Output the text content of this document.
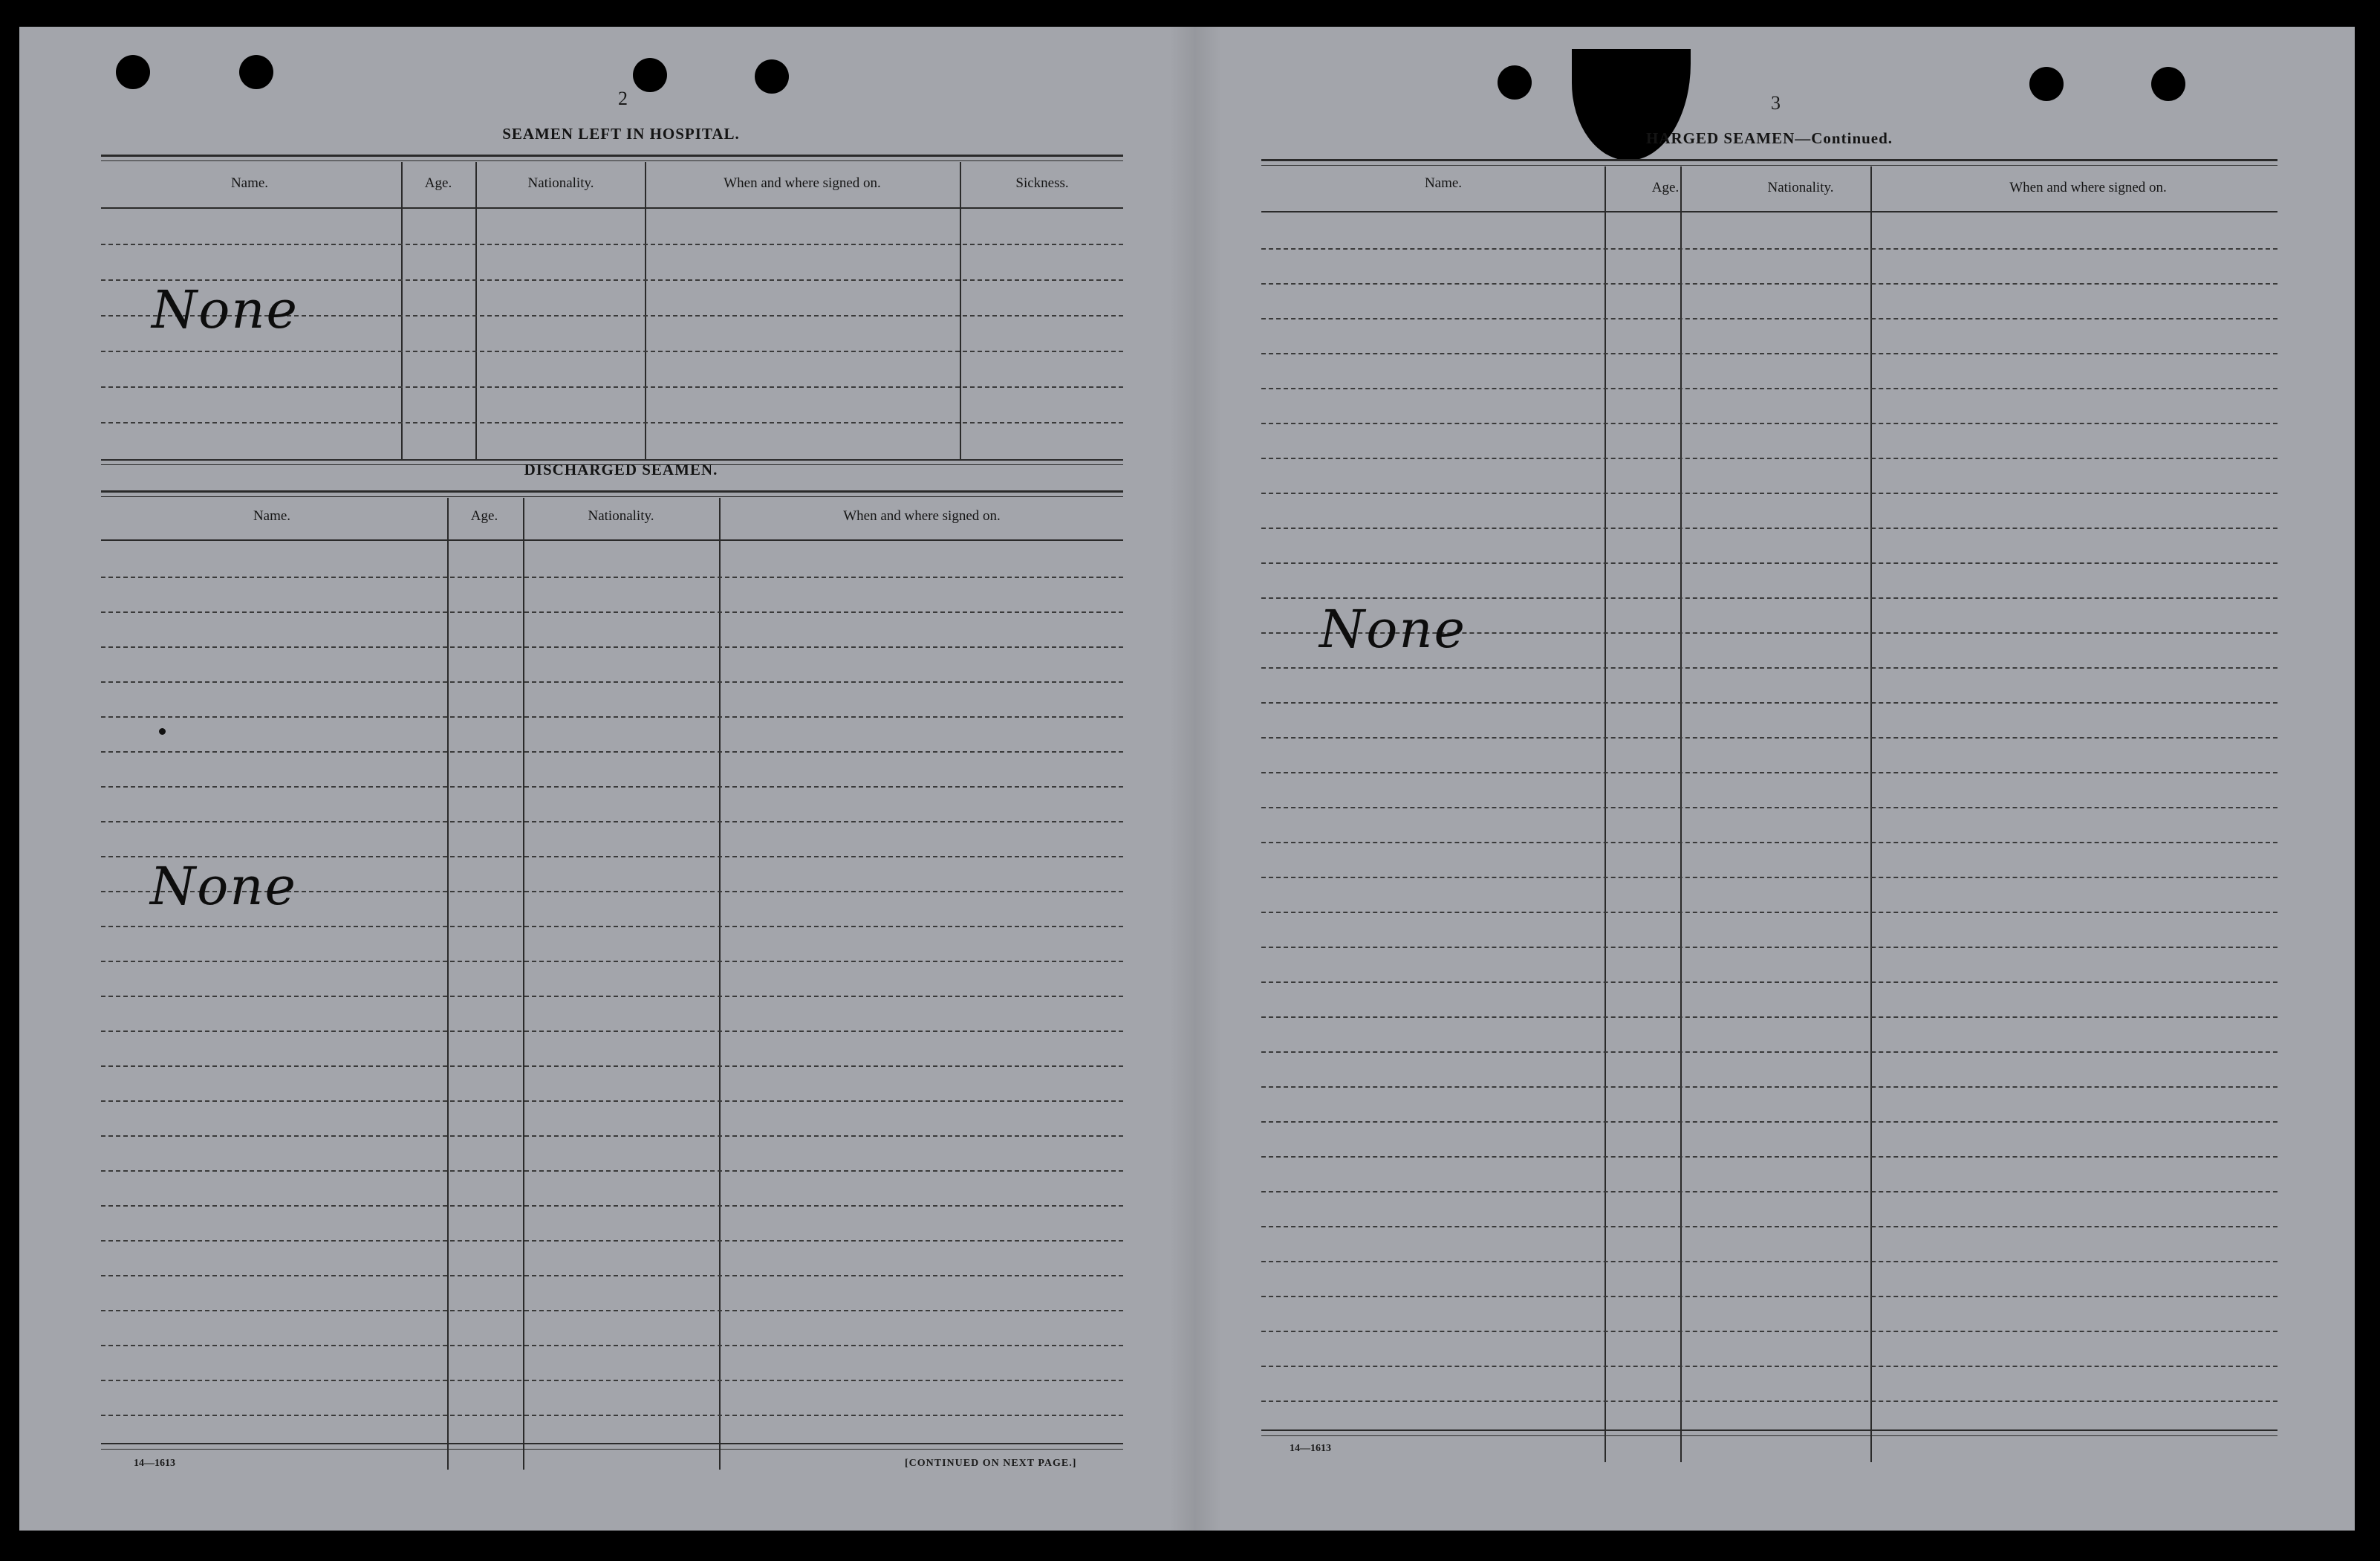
2
SEAMEN LEFT IN HOSPITAL.
Name.	Age.	Nationality.	When and where signed on.	Sickness.
None
DISCHARGED SEAMEN.
Name.	Age.	Nationality.	When and where signed on.
None
14—1613	[CONTINUED ON NEXT PAGE.]
3
HARGED SEAMEN—Continued.
Name.	Age.	Nationality.	When and where signed on.
None
14—1613
